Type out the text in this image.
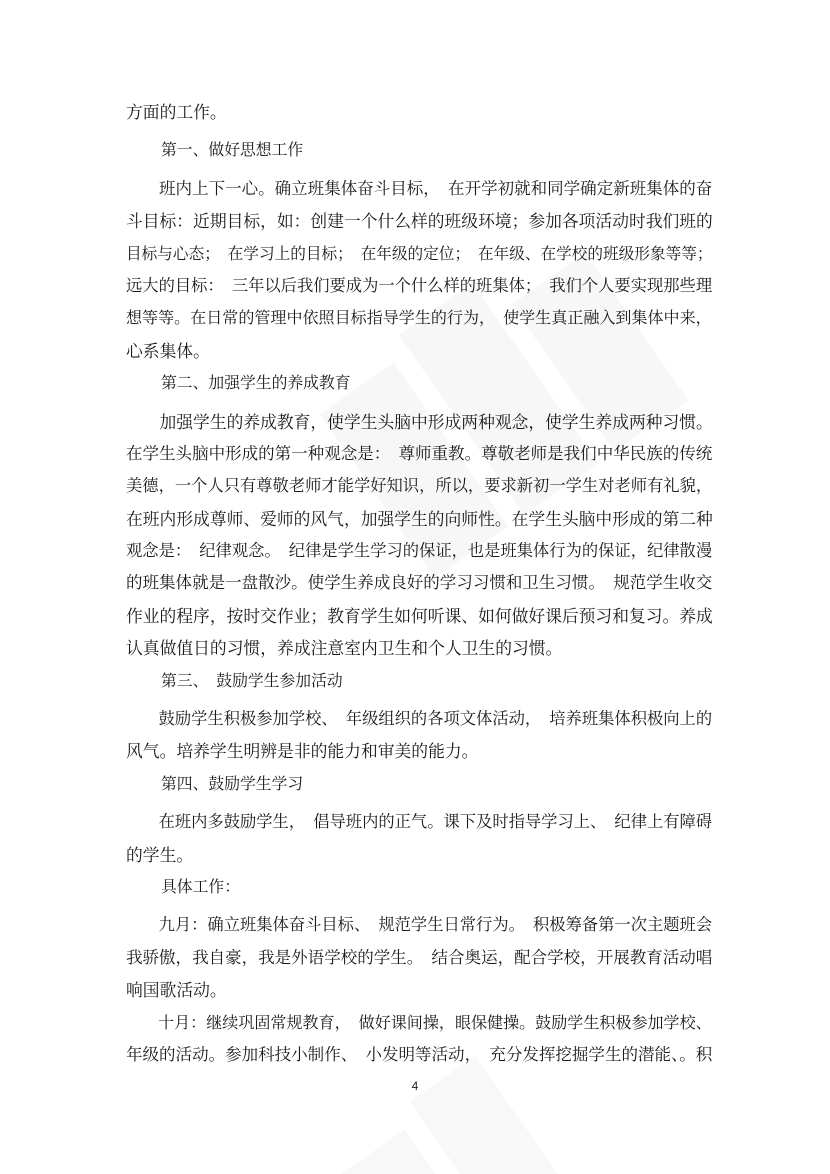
方面的工作。
第一、做好思想工作
　　班内上下一心。确立班集体奋斗目标，　在开学初就和同学确定新班集体的奋
斗目标：近期目标，如：创建一个什么样的班级环境；参加各项活动时我们班的
目标与心态；　在学习上的目标；　在年级的定位；　在年级、在学校的班级形象等等；
远大的目标：　三年以后我们要成为一个什么样的班集体；　我们个人要实现那些理
想等等。在日常的管理中依照目标指导学生的行为，　使学生真正融入到集体中来，
心系集体。
第二、加强学生的养成教育
　　加强学生的养成教育，使学生头脑中形成两种观念，使学生养成两种习惯。
在学生头脑中形成的第一种观念是：　尊师重教。尊敬老师是我们中华民族的传统
美德，一个人只有尊敬老师才能学好知识，所以，要求新初一学生对老师有礼貌，
在班内形成尊师、爱师的风气，加强学生的向师性。在学生头脑中形成的第二种
观念是：　纪律观念。　纪律是学生学习的保证，也是班集体行为的保证，纪律散漫
的班集体就是一盘散沙。使学生养成良好的学习习惯和卫生习惯。　规范学生收交
作业的程序，按时交作业；教育学生如何听课、如何做好课后预习和复习。养成
认真做值日的习惯，养成注意室内卫生和个人卫生的习惯。
第三、　鼓励学生参加活动
　　鼓励学生积极参加学校、　年级组织的各项文体活动，　培养班集体积极向上的
风气。培养学生明辨是非的能力和审美的能力。
第四、鼓励学生学习
　　在班内多鼓励学生，　倡导班内的正气。课下及时指导学习上、　纪律上有障碍
的学生。
具体工作：
　　九月：确立班集体奋斗目标、　规范学生日常行为。　积极筹备第一次主题班会
我骄傲，我自豪，我是外语学校的学生。　结合奥运，配合学校，开展教育活动唱
响国歌活动。
　　十月：继续巩固常规教育，　做好课间操，眼保健操。鼓励学生积极参加学校、
年级的活动。参加科技小制作、　小发明等活动，　充分发挥挖掘学生的潜能、。积
4
